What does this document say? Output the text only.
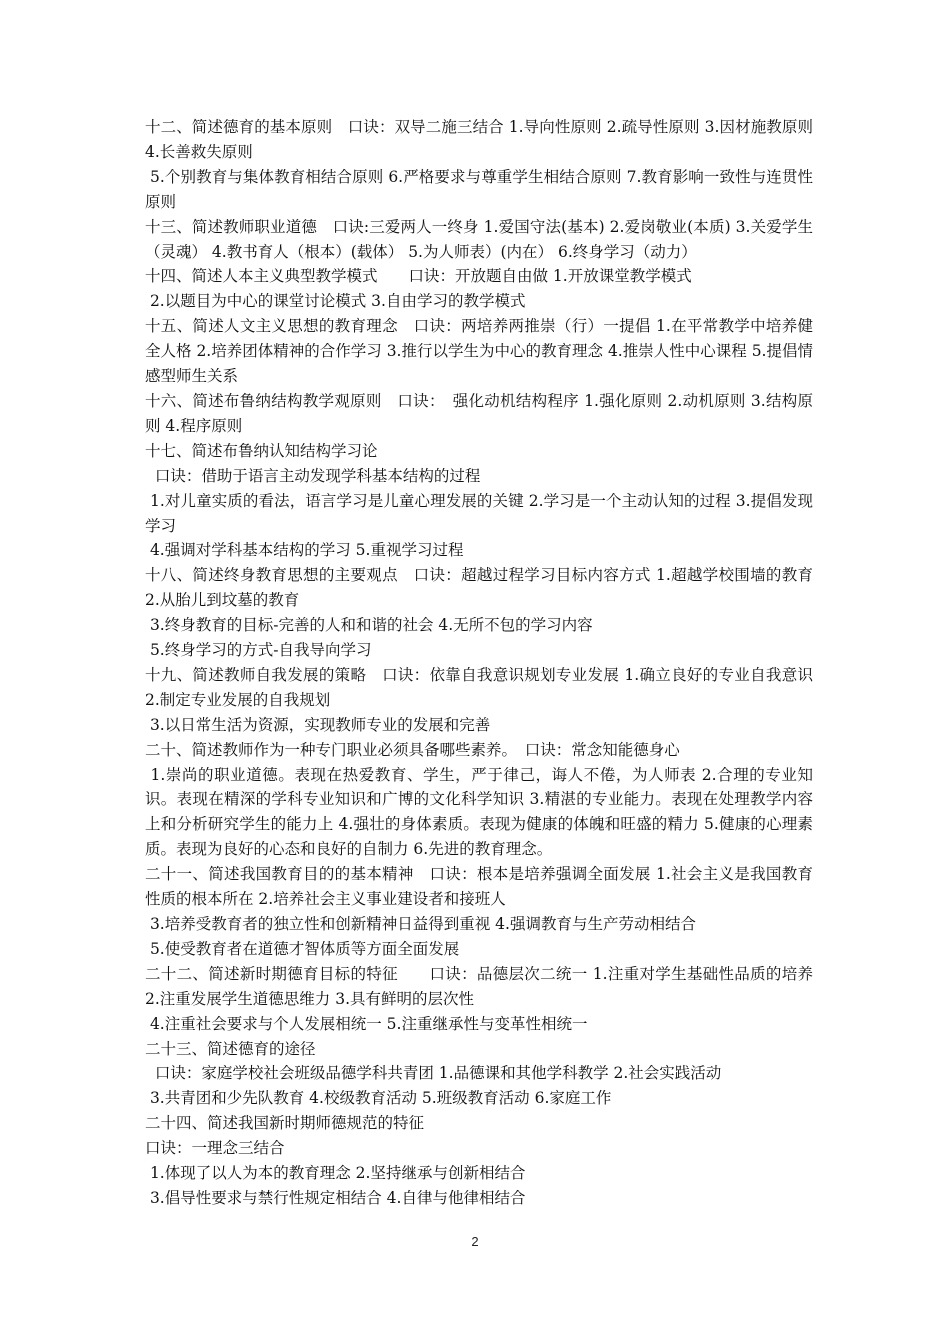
十二、简述德育的基本原则　口诀：双导二施三结合 1.导向性原则 2.疏导性原则 3.因材施教原则 4.长善救失原则

5.个别教育与集体教育相结合原则 6.严格要求与尊重学生相结合原则 7.教育影响一致性与连贯性原则

十三、简述教师职业道德　口诀:三爱两人一终身 1.爱国守法(基本) 2.爱岗敬业(本质) 3.关爱学生（灵魂） 4.教书育人（根本）(载体） 5.为人师表）(内在） 6.终身学习（动力）

十四、简述人本主义典型教学模式　　口诀：开放题自由做 1.开放课堂教学模式

2.以题目为中心的课堂讨论模式 3.自由学习的教学模式

十五、简述人文主义思想的教育理念　口诀：两培养两推崇（行）一提倡 1.在平常教学中培养健全人格 2.培养团体精神的合作学习 3.推行以学生为中心的教育理念 4.推崇人性中心课程 5.提倡情感型师生关系

十六、简述布鲁纳结构教学观原则　口诀：　强化动机结构程序 1.强化原则 2.动机原则 3.结构原则 4.程序原则

十七、简述布鲁纳认知结构学习论

口诀：借助于语言主动发现学科基本结构的过程

1.对儿童实质的看法，语言学习是儿童心理发展的关键 2.学习是一个主动认知的过程 3.提倡发现学习

4.强调对学科基本结构的学习 5.重视学习过程

十八、简述终身教育思想的主要观点　口诀：超越过程学习目标内容方式 1.超越学校围墙的教育 2.从胎儿到坟墓的教育

3.终身教育的目标-完善的人和和谐的社会 4.无所不包的学习内容

5.终身学习的方式-自我导向学习

十九、简述教师自我发展的策略　口诀：依靠自我意识规划专业发展 1.确立良好的专业自我意识 2.制定专业发展的自我规划

3.以日常生活为资源，实现教师专业的发展和完善

二十、简述教师作为一种专门职业必须具备哪些素养。　口诀：常念知能德身心

1.崇尚的职业道德。表现在热爱教育、学生，严于律己，诲人不倦，为人师表 2.合理的专业知识。表现在精深的学科专业知识和广博的文化科学知识 3.精湛的专业能力。表现在处理教学内容上和分析研究学生的能力上 4.强壮的身体素质。表现为健康的体魄和旺盛的精力 5.健康的心理素质。表现为良好的心态和良好的自制力 6.先进的教育理念。

二十一、简述我国教育目的的基本精神　口诀：根本是培养强调全面发展 1.社会主义是我国教育性质的根本所在 2.培养社会主义事业建设者和接班人

3.培养受教育者的独立性和创新精神日益得到重视 4.强调教育与生产劳动相结合

5.使受教育者在道德才智体质等方面全面发展

二十二、简述新时期德育目标的特征　　口诀：品德层次二统一 1.注重对学生基础性品质的培养 2.注重发展学生道德思维力 3.具有鲜明的层次性

4.注重社会要求与个人发展相统一 5.注重继承性与变革性相统一

二十三、简述德育的途径

口诀：家庭学校社会班级品德学科共青团 1.品德课和其他学科教学 2.社会实践活动

3.共青团和少先队教育 4.校级教育活动 5.班级教育活动 6.家庭工作

二十四、简述我国新时期师德规范的特征

口诀：一理念三结合

1.体现了以人为本的教育理念 2.坚持继承与创新相结合

3.倡导性要求与禁行性规定相结合 4.自律与他律相结合

2
